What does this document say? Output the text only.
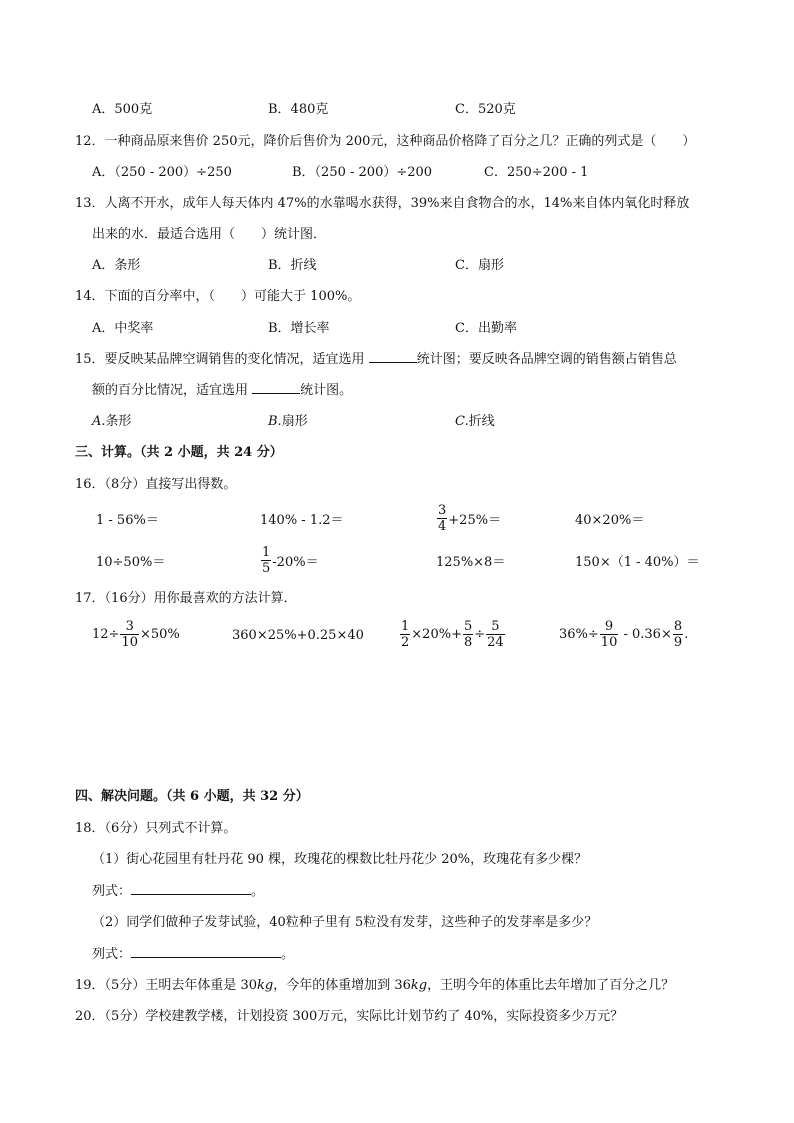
A．500克	B．480克	C．520克
12．一种商品原来售价 250元，降价后售价为 200元，这种商品价格降了百分之几？正确的列式是（　　）
A．（250 - 200）÷250	B．（250 - 200）÷200	C．250÷200 - 1
13．人离不开水，成年人每天体内 47%的水靠喝水获得，39%来自食物合的水，14%来自体内氧化时释放
出来的水．最适合选用（　　）统计图．
A．条形	B．折线	C．扇形
14．下面的百分率中，（　　）可能大于 100%。
A．中奖率	B．增长率	C．出勤率
15．要反映某品牌空调销售的变化情况，适宜选用	统计图；要反映各品牌空调的销售额占销售总
额的百分比情况，适宜选用	统计图。
A.条形	B.扇形	C.折线
三、计算。（共 2 小题，共 24 分）
16．（8分）直接写出得数。
1 - 56%＝	140% - 1.2＝	$\frac{3}{4} +25\%=$	40×20%＝
10÷50%＝	$\frac{1}{5} -20\%=$	125%×8＝	150×（1 - 40%）＝
17．（16分）用你最喜欢的方法计算．
$12\div \frac{3}{10} \times 50\%$	360×25%+0.25×40	$\frac{1}{2} \times 20\%+ \frac{5}{8} \div \frac{5}{24}$	$36\%\div \frac{9}{10} - 0.36\times \frac{8}{9}$ .
四、解决问题。（共 6 小题，共 32 分）
18．（6分）只列式不计算。
（1）街心花园里有牡丹花 90 棵，玫瑰花的棵数比牡丹花少 20%，玫瑰花有多少棵？
列式：	。
（2）同学们做种子发芽试验，40粒种子里有 5粒没有发芽，这些种子的发芽率是多少？
列式：	。
19．（5分）王明去年体重是 30kg，今年的体重增加到 36kg，王明今年的体重比去年增加了百分之几？
20．（5分）学校建教学楼，计划投资 300万元，实际比计划节约了 40%，实际投资多少万元？
